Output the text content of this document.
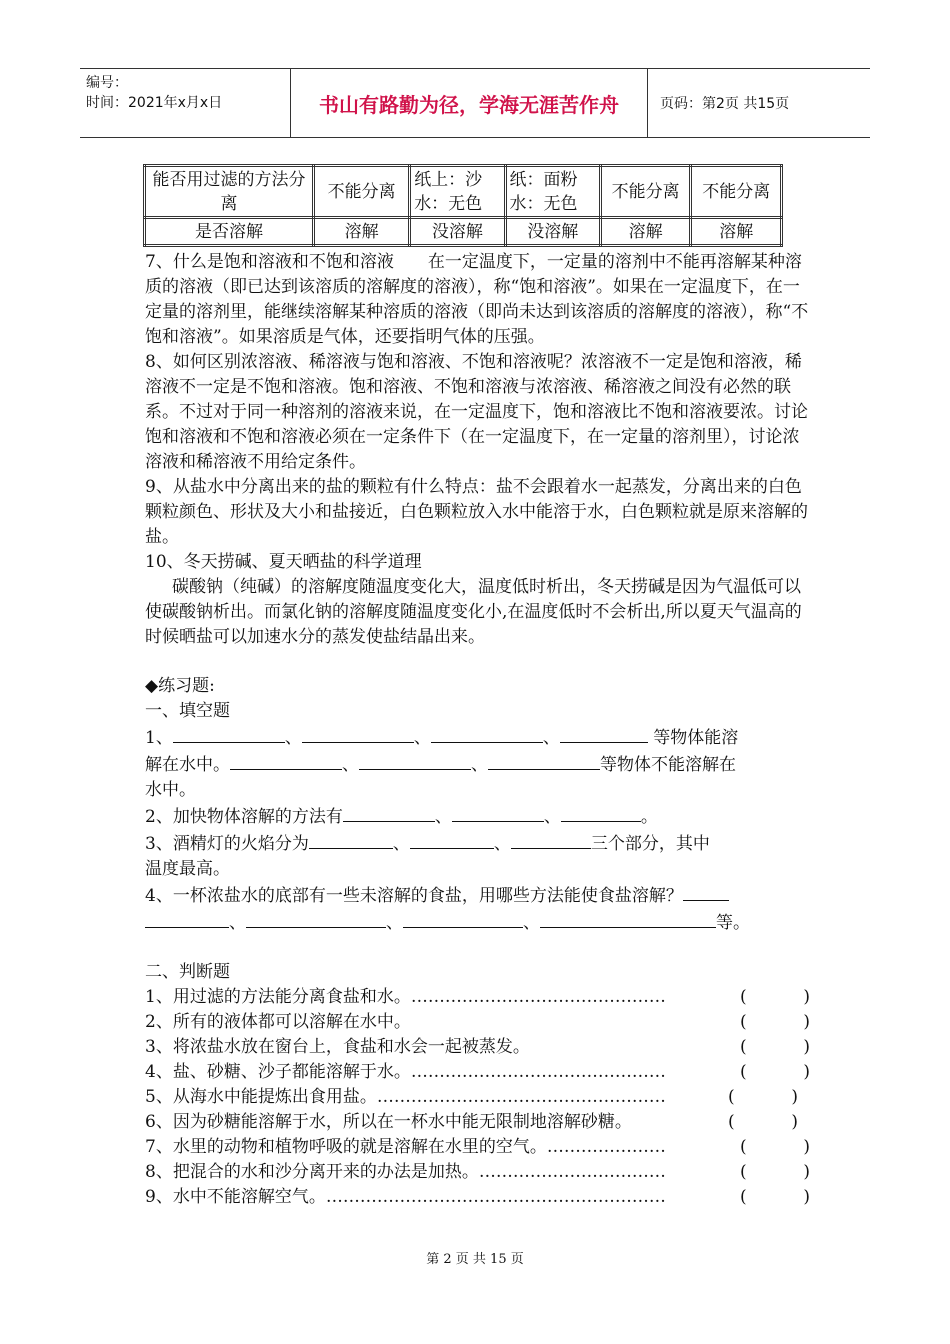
编号：
时间：2021年x月x日	书山有路勤为径，学海无涯苦作舟	页码：第2页 共15页
能否用过滤的方法分离	不能分离	纸上：沙水：无色	纸：面粉水：无色	不能分离	不能分离
是否溶解	溶解	没溶解	没溶解	溶解	溶解

7、什么是饱和溶液和不饱和溶液　　在一定温度下，一定量的溶剂中不能再溶解某种溶质的溶液（即已达到该溶质的溶解度的溶液），称“饱和溶液”。如果在一定温度下，在一定量的溶剂里，能继续溶解某种溶质的溶液（即尚未达到该溶质的溶解度的溶液），称“不饱和溶液”。如果溶质是气体，还要指明气体的压强。

8、如何区别浓溶液、稀溶液与饱和溶液、不饱和溶液呢？浓溶液不一定是饱和溶液，稀溶液不一定是不饱和溶液。饱和溶液、不饱和溶液与浓溶液、稀溶液之间没有必然的联系。不过对于同一种溶剂的溶液来说，在一定温度下，饱和溶液比不饱和溶液要浓。讨论饱和溶液和不饱和溶液必须在一定条件下（在一定温度下，在一定量的溶剂里），讨论浓溶液和稀溶液不用给定条件。

9、从盐水中分离出来的盐的颗粒有什么特点：盐不会跟着水一起蒸发，分离出来的白色颗粒颜色、形状及大小和盐接近，白色颗粒放入水中能溶于水，白色颗粒就是原来溶解的盐。

10、冬天捞碱、夏天晒盐的科学道理

碳酸钠（纯碱）的溶解度随温度变化大，温度低时析出，冬天捞碱是因为气温低可以使碳酸钠析出。而氯化钠的溶解度随温度变化小,在温度低时不会析出,所以夏天气温高的时候晒盐可以加速水分的蒸发使盐结晶出来。

◆练习题:

一、填空题

1、	、	、	、	等物体能溶
解在水中。	、	、	等物体不能溶解在
水中。
2、加快物体溶解的方法有	、	、	。
3、酒精灯的火焰分为	、	、	三个部分，其中
温度最高。
4、一杯浓盐水的底部有一些未溶解的食盐，用哪些方法能使食盐溶解？
、	、	、	等。

二、判断题

1、用过滤的方法能分离食盐和水。………………………………………	(	)
2、所有的液体都可以溶解在水中。	(	)
3、将浓盐水放在窗台上，食盐和水会一起被蒸发。	(	)
4、盐、砂糖、沙子都能溶解于水。………………………………………	(	)
5、从海水中能提炼出食用盐。……………………………………………	(	)
6、因为砂糖能溶解于水，所以在一杯水中能无限制地溶解砂糖。	(	)
7、水里的动物和植物呼吸的就是溶解在水里的空气。…………………	(	)
8、把混合的水和沙分离开来的办法是加热。……………………………	(	)
9、水中不能溶解空气。……………………………………………………	(	)
第 2 页 共 15 页
